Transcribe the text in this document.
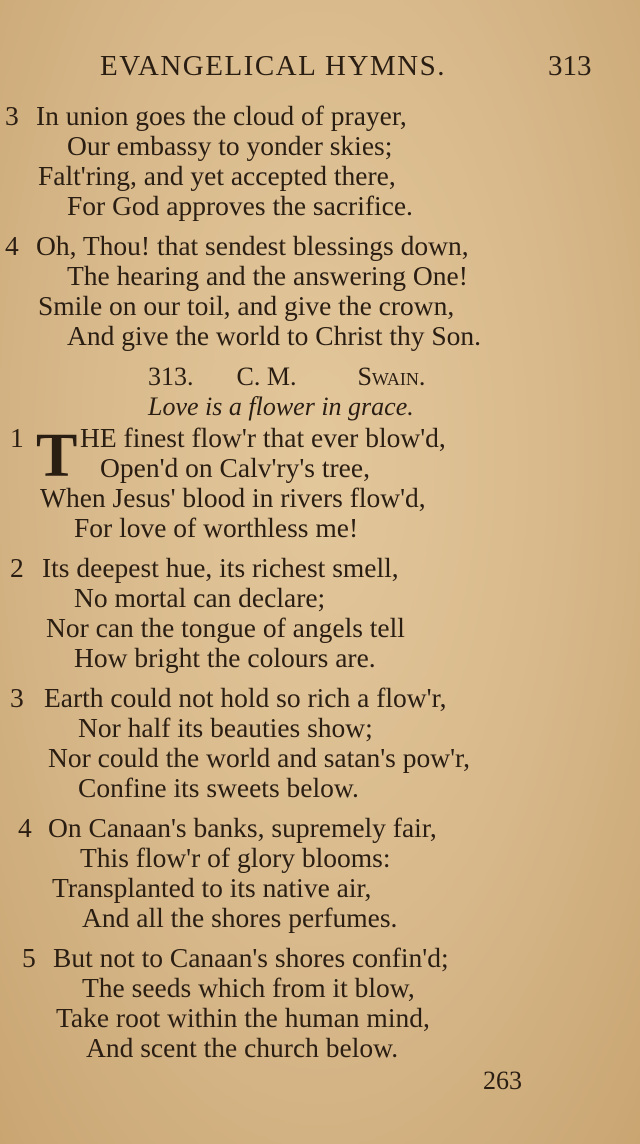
EVANGELICAL HYMNS.	313
3 In union goes the cloud of prayer,
Our embassy to yonder skies;
Falt'ring, and yet accepted there,
For God approves the sacrifice.
4 Oh, Thou! that sendest blessings down,
The hearing and the answering One!
Smile on our toil, and give the crown,
And give the world to Christ thy Son.
313. C. M. Swain.
Love is a flower in grace.
1 T HE finest flow'r that ever blow'd,
Open'd on Calv'ry's tree,
When Jesus' blood in rivers flow'd,
For love of worthless me!
2 Its deepest hue, its richest smell,
No mortal can declare;
Nor can the tongue of angels tell
How bright the colours are.
3 Earth could not hold so rich a flow'r,
Nor half its beauties show;
Nor could the world and satan's pow'r,
Confine its sweets below.
4 On Canaan's banks, supremely fair,
This flow'r of glory blooms:
Transplanted to its native air,
And all the shores perfumes.
5 But not to Canaan's shores confin'd;
The seeds which from it blow,
Take root within the human mind,
And scent the church below.
263
